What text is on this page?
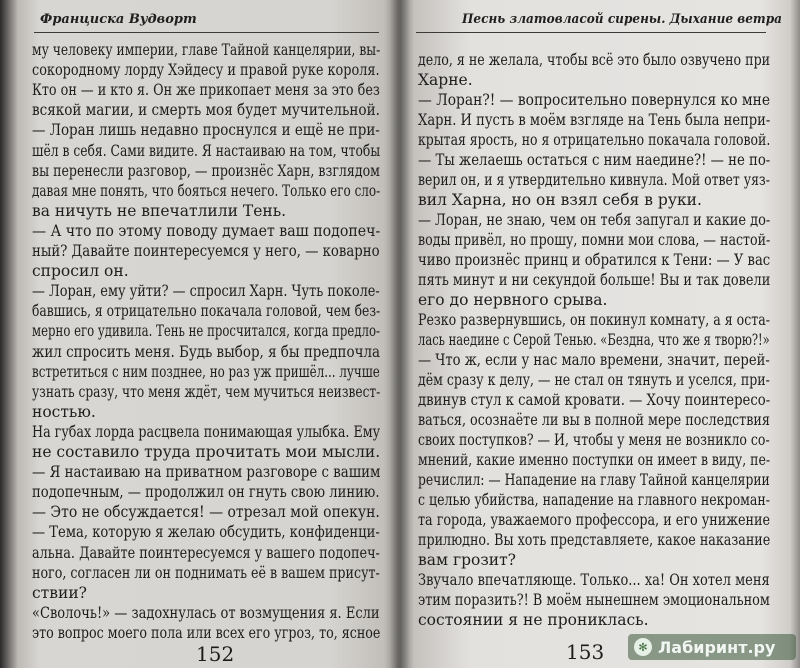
Франциска Вудворт
му человеку империи, главе Тайной канцелярии, вы-
сокородному лорду Хэйдесу и правой руке короля.
Кто он — и кто я. Он же прикопает меня за это без
всякой магии, и смерть моя будет мучительной.
— Лоран лишь недавно проснулся и ещё не при-
шёл в себя. Сами видите. Я настаиваю на том, чтобы
вы перенесли разговор, — произнёс Харн, взглядом
давая мне понять, что бояться нечего. Только его сло-
ва ничуть не впечатлили Тень.
— А что по этому поводу думает ваш подопеч-
ный? Давайте поинтересуемся у него, — коварно
спросил он.
— Лоран, ему уйти? — спросил Харн. Чуть поколе-
бавшись, я отрицательно покачала головой, чем без-
мерно его удивила. Тень не просчитался, когда предло-
жил спросить меня. Будь выбор, я бы предпочла
встретиться с ним позднее, но раз уж пришёл... лучше
узнать сразу, что меня ждёт, чем мучиться неизвест-
ностью.
На губах лорда расцвела понимающая улыбка. Ему
не составило труда прочитать мои мысли.
— Я настаиваю на приватном разговоре с вашим
подопечным, — продолжил он гнуть свою линию.
— Это не обсуждается! — отрезал мой опекун.
— Тема, которую я желаю обсудить, конфиденци-
альна. Давайте поинтересуемся у вашего подопеч-
ного, согласен ли он поднимать её в вашем присут-
ствии?
«Сволочь!» — задохнулась от возмущения я. Если
это вопрос моего пола или всех его угроз, то, ясное
152
Песнь златовласой сирены. Дыхание ветра
дело, я не желала, чтобы всё это было озвучено при
Харне.
— Лоран?! — вопросительно повернулся ко мне
Харн. И пусть в моём взгляде на Тень была непри-
крытая ярость, но я отрицательно покачала головой.
— Ты желаешь остаться с ним наедине?! — не по-
верил он, и я утвердительно кивнула. Мой ответ уяз-
вил Харна, но он взял себя в руки.
— Лоран, не знаю, чем он тебя запугал и какие до-
воды привёл, но прошу, помни мои слова, — настой-
чиво произнёс принц и обратился к Тени: — У вас
пять минут и ни секундой больше! Вы и так довели
его до нервного срыва.
Резко развернувшись, он покинул комнату, а я оста-
лась наедине с Серой Тенью. «Бездна, что же я творю?!»
— Что ж, если у нас мало времени, значит, перей-
дём сразу к делу, — не стал он тянуть и уселся, при-
двинув стул к самой кровати. — Хочу поинтересо-
ваться, осознаёте ли вы в полной мере последствия
своих поступков? — И, чтобы у меня не возникло со-
мнений, какие именно поступки он имеет в виду, пе-
речислил: — Нападение на главу Тайной канцелярии
с целью убийства, нападение на главного некроман-
та города, уважаемого профессора, и его унижение
прилюдно. Вы хоть представляете, какое наказание
вам грозит?
Звучало впечатляюще. Только... ха! Он хотел меня
этим поразить?! В моём нынешнем эмоциональном
состоянии я не прониклась.
153	✻ Лабиринт.ру
